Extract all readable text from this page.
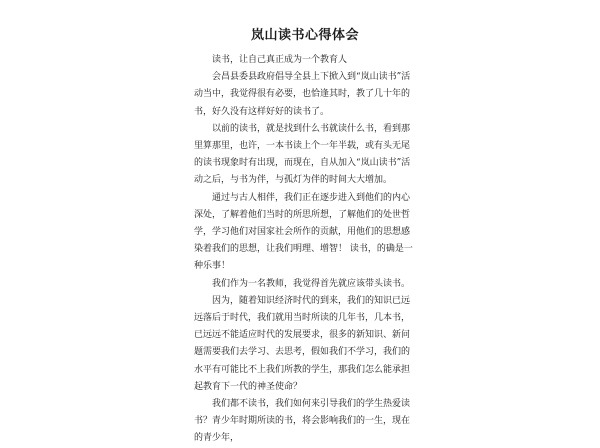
岚山读书心得体会

读书，让自己真正成为一个教育人

会昌县委县政府倡导全县上下掀入到“岚山读书”活动当中，我觉得很有必要，也恰逢其时，教了几十年的书，好久没有这样好好的读书了。

以前的读书，就是找到什么书就读什么书，看到那里算那里，也许，一本书读上个一年半载，或有头无尾的读书现象时有出现，而现在，自从加入“岚山读书”活动之后，与书为伴，与孤灯为伴的时间大大增加。

通过与古人相伴，我们正在逐步进入到他们的内心深处，了解着他们当时的所思所想，了解他们的处世哲学，学习他们对国家社会所作的贡献，用他们的思想感染着我们的思想，让我们明理、增智！ 读书，的确是一种乐事！

我们作为一名教师，我觉得首先就应该带头读书。

因为，随着知识经济时代的到来，我们的知识已远远落后于时代，我们就用当时所读的几年书，几本书，已远远不能适应时代的发展要求，很多的新知识、新问题需要我们去学习、去思考，假如我们不学习，我们的水平有可能比不上我们所教的学生，那我们怎么能承担起教育下一代的神圣使命？

我们都不读书，我们如何来引导我们的学生热爱读书？青少年时期所读的书，将会影响我们的一生，现在的青少年，
